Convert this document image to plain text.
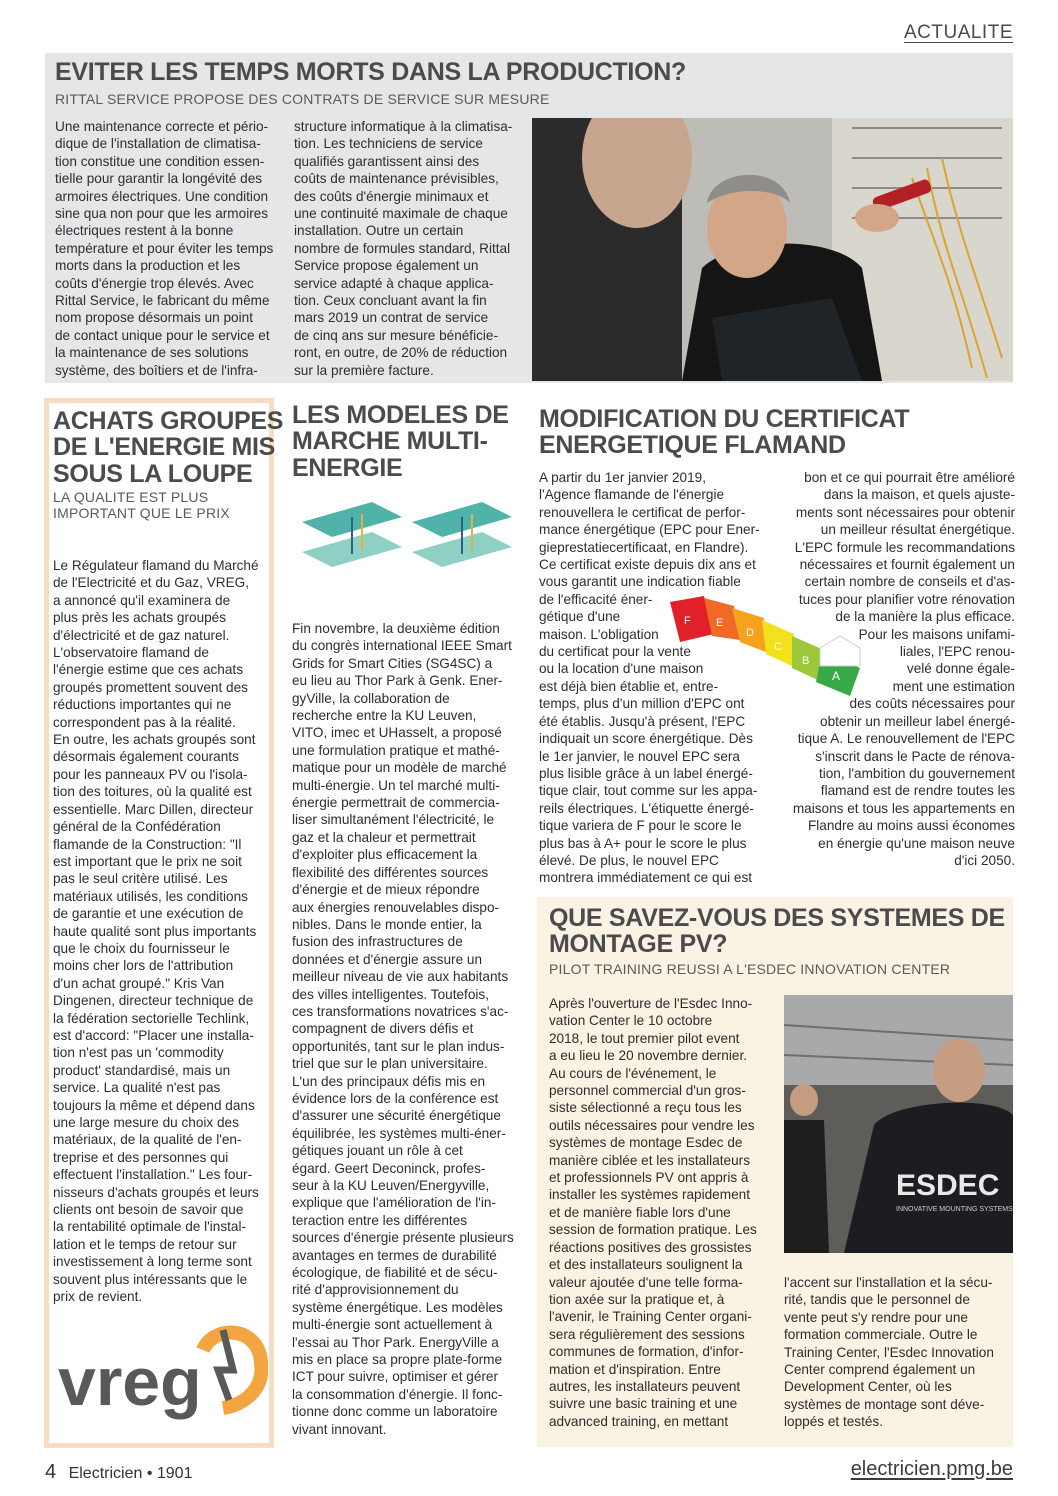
ACTUALITE
EVITER LES TEMPS MORTS DANS LA PRODUCTION?
RITTAL SERVICE PROPOSE DES CONTRATS DE SERVICE SUR MESURE
Une maintenance correcte et pério-
dique de l'installation de climatisa-
tion constitue une condition essen-
tielle pour garantir la longévité des
armoires électriques. Une condition
sine qua non pour que les armoires
électriques restent à la bonne
température et pour éviter les temps
morts dans la production et les
coûts d'énergie trop élevés. Avec
Rittal Service, le fabricant du même
nom propose désormais un point
de contact unique pour le service et
la maintenance de ses solutions
système, des boîtiers et de l'infra-
structure informatique à la climatisa-
tion. Les techniciens de service
qualifiés garantissent ainsi des
coûts de maintenance prévisibles,
des coûts d'énergie minimaux et
une continuité maximale de chaque
installation. Outre un certain
nombre de formules standard, Rittal
Service propose également un
service adapté à chaque applica-
tion. Ceux concluant avant la fin
mars 2019 un contrat de service
de cinq ans sur mesure bénéficie-
ront, en outre, de 20% de réduction
sur la première facture.
ACHATS GROUPES
DE L'ENERGIE MIS
SOUS LA LOUPE
LA QUALITE EST PLUS
IMPORTANT QUE LE PRIX
Le Régulateur flamand du Marché
de l'Electricité et du Gaz, VREG,
a annoncé qu'il examinera de
plus près les achats groupés
d'électricité et de gaz naturel.
L'observatoire flamand de
l'énergie estime que ces achats
groupés promettent souvent des
réductions importantes qui ne
correspondent pas à la réalité.
En outre, les achats groupés sont
désormais également courants
pour les panneaux PV ou l'isola-
tion des toitures, où la qualité est
essentielle. Marc Dillen, directeur
général de la Confédération
flamande de la Construction: "Il
est important que le prix ne soit
pas le seul critère utilisé. Les
matériaux utilisés, les conditions
de garantie et une exécution de
haute qualité sont plus importants
que le choix du fournisseur le
moins cher lors de l'attribution
d'un achat groupé." Kris Van
Dingenen, directeur technique de
la fédération sectorielle Techlink,
est d'accord: "Placer une installa-
tion n'est pas un 'commodity
product' standardisé, mais un
service. La qualité n'est pas
toujours la même et dépend dans
une large mesure du choix des
matériaux, de la qualité de l'en-
treprise et des personnes qui
effectuent l'installation." Les four-
nisseurs d'achats groupés et leurs
clients ont besoin de savoir que
la rentabilité optimale de l'instal-
lation et le temps de retour sur
investissement à long terme sont
souvent plus intéressants que le
prix de revient.
vreg
LES MODELES DE
MARCHE MULTI-
ENERGIE
Fin novembre, la deuxième édition
du congrès international IEEE Smart
Grids for Smart Cities (SG4SC) a
eu lieu au Thor Park à Genk. Ener-
gyVille, la collaboration de
recherche entre la KU Leuven,
VITO, imec et UHasselt, a proposé
une formulation pratique et mathé-
matique pour un modèle de marché
multi-énergie. Un tel marché multi-
énergie permettrait de commercia-
liser simultanément l'électricité, le
gaz et la chaleur et permettrait
d'exploiter plus efficacement la
flexibilité des différentes sources
d'énergie et de mieux répondre
aux énergies renouvelables dispo-
nibles. Dans le monde entier, la
fusion des infrastructures de
données et d'énergie assure un
meilleur niveau de vie aux habitants
des villes intelligentes. Toutefois,
ces transformations novatrices s'ac-
compagnent de divers défis et
opportunités, tant sur le plan indus-
triel que sur le plan universitaire.
L'un des principaux défis mis en
évidence lors de la conférence est
d'assurer une sécurité énergétique
équilibrée, les systèmes multi-éner-
gétiques jouant un rôle à cet
égard. Geert Deconinck, profes-
seur à la KU Leuven/Energyville,
explique que l'amélioration de l'in-
teraction entre les différentes
sources d'énergie présente plusieurs
avantages en termes de durabilité
écologique, de fiabilité et de sécu-
rité d'approvisionnement du
système énergétique. Les modèles
multi-énergie sont actuellement à
l'essai au Thor Park. EnergyVille a
mis en place sa propre plate-forme
ICT pour suivre, optimiser et gérer
la consommation d'énergie. Il fonc-
tionne donc comme un laboratoire
vivant innovant.
MODIFICATION DU CERTIFICAT
ENERGETIQUE FLAMAND
A partir du 1er janvier 2019,
l'Agence flamande de l'énergie
renouvellera le certificat de perfor-
mance énergétique (EPC pour Ener-
gieprestatiecertificaat, en Flandre).
Ce certificat existe depuis dix ans et
vous garantit une indication fiable
de l'efficacité éner-
gétique d'une
maison. L'obligation
du certificat pour la vente
ou la location d'une maison
est déjà bien établie et, entre-
temps, plus d'un million d'EPC ont
été établis. Jusqu'à présent, l'EPC
indiquait un score énergétique. Dès
le 1er janvier, le nouvel EPC sera
plus lisible grâce à un label énergé-
tique clair, tout comme sur les appa-
reils électriques. L'étiquette énergé-
tique variera de F pour le score le
plus bas à A+ pour le score le plus
élevé. De plus, le nouvel EPC
montrera immédiatement ce qui est
bon et ce qui pourrait être amélioré
dans la maison, et quels ajuste-
ments sont nécessaires pour obtenir
un meilleur résultat énergétique.
L'EPC formule les recommandations
nécessaires et fournit également un
certain nombre de conseils et d'as-
tuces pour planifier votre rénovation
de la manière la plus efficace.
Pour les maisons unifami-
liales, l'EPC renou-
velé donne égale-
ment une estimation
des coûts nécessaires pour
obtenir un meilleur label énergé-
tique A. Le renouvellement de l'EPC
s'inscrit dans le Pacte de rénova-
tion, l'ambition du gouvernement
flamand est de rendre toutes les
maisons et tous les appartements en
Flandre au moins aussi économes
en énergie qu'une maison neuve
d'ici 2050.
F E
D
C
B
A
QUE SAVEZ-VOUS DES SYSTEMES DE
MONTAGE PV?
PILOT TRAINING REUSSI A L'ESDEC INNOVATION CENTER
Après l'ouverture de l'Esdec Inno-
vation Center le 10 octobre
2018, le tout premier pilot event
a eu lieu le 20 novembre dernier.
Au cours de l'événement, le
personnel commercial d'un gros-
siste sélectionné a reçu tous les
outils nécessaires pour vendre les
systèmes de montage Esdec de
manière ciblée et les installateurs
et professionnels PV ont appris à
installer les systèmes rapidement
et de manière fiable lors d'une
session de formation pratique. Les
réactions positives des grossistes
et des installateurs soulignent la
valeur ajoutée d'une telle forma-
tion axée sur la pratique et, à
l'avenir, le Training Center organi-
sera régulièrement des sessions
communes de formation, d'infor-
mation et d'inspiration. Entre
autres, les installateurs peuvent
suivre une basic training et une
advanced training, en mettant
l'accent sur l'installation et la sécu-
rité, tandis que le personnel de
vente peut s'y rendre pour une
formation commerciale. Outre le
Training Center, l'Esdec Innovation
Center comprend également un
Development Center, où les
systèmes de montage sont déve-
loppés et testés.
ESDEC
INNOVATIVE MOUNTING SYSTEMS
4 Electricien • 1901	electricien.pmg.be
